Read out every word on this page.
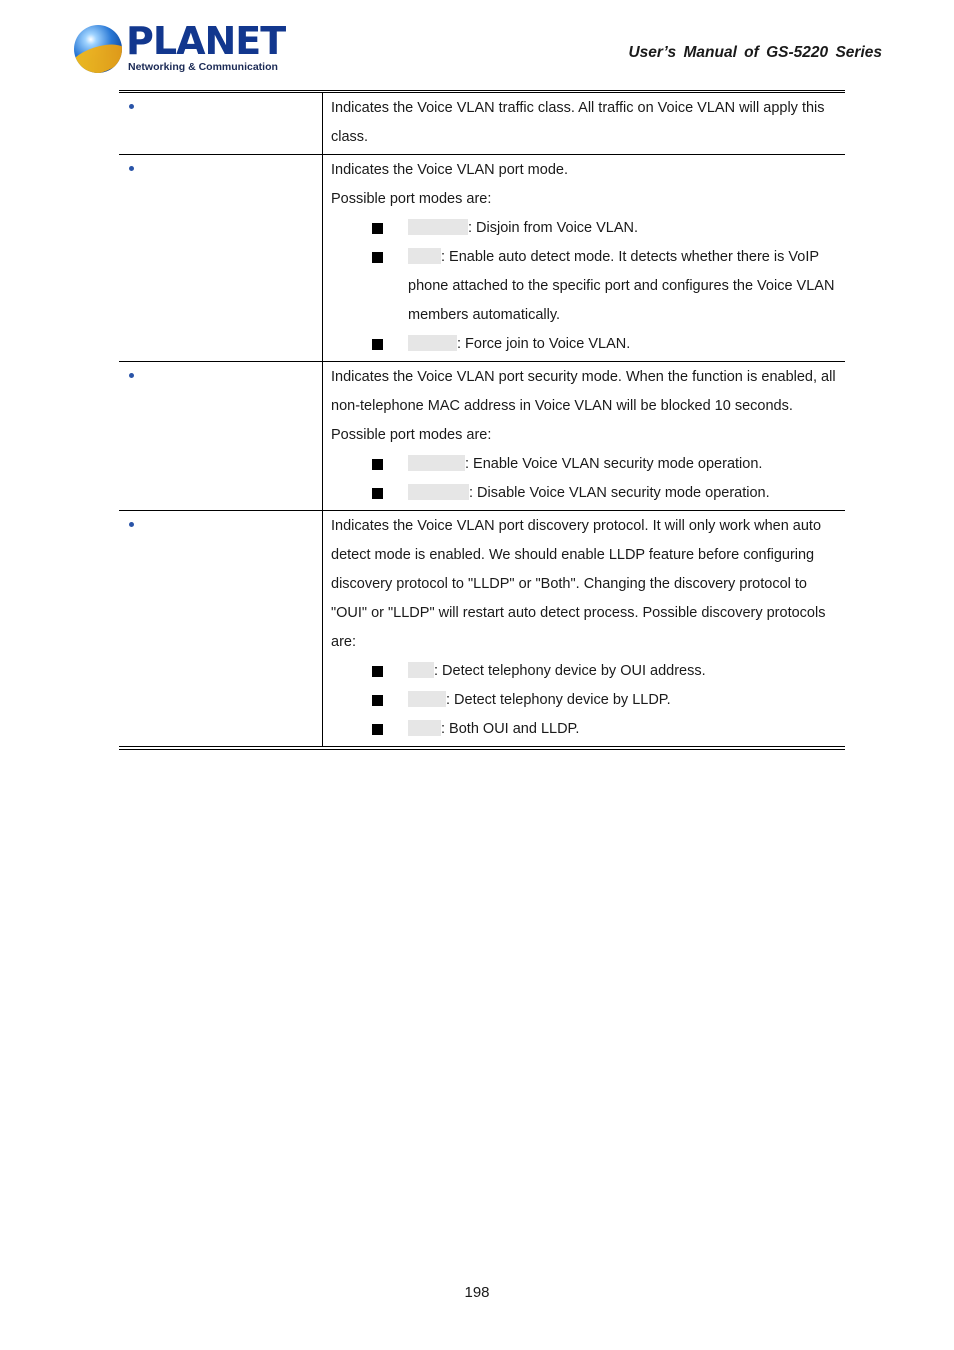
PLANET
Networking & Communication
User’s Manual of GS-5220 Series

	Indicates the Voice VLAN traffic class. All traffic on Voice VLAN will apply this class.

	Indicates the Voice VLAN port mode.
Possible port modes are:
: Disjoin from Voice VLAN.
: Enable auto detect mode. It detects whether there is VoIP phone attached to the specific port and configures the Voice VLAN members automatically.
: Force join to Voice VLAN.

	Indicates the Voice VLAN port security mode. When the function is enabled, all non-telephone MAC address in Voice VLAN will be blocked 10 seconds. Possible port modes are:
: Enable Voice VLAN security mode operation.
: Disable Voice VLAN security mode operation.

	Indicates the Voice VLAN port discovery protocol. It will only work when auto detect mode is enabled. We should enable LLDP feature before configuring discovery protocol to "LLDP" or "Both". Changing the discovery protocol to "OUI" or "LLDP" will restart auto detect process. Possible discovery protocols are:
: Detect telephony device by OUI address.
: Detect telephony device by LLDP.
: Both OUI and LLDP.
198
